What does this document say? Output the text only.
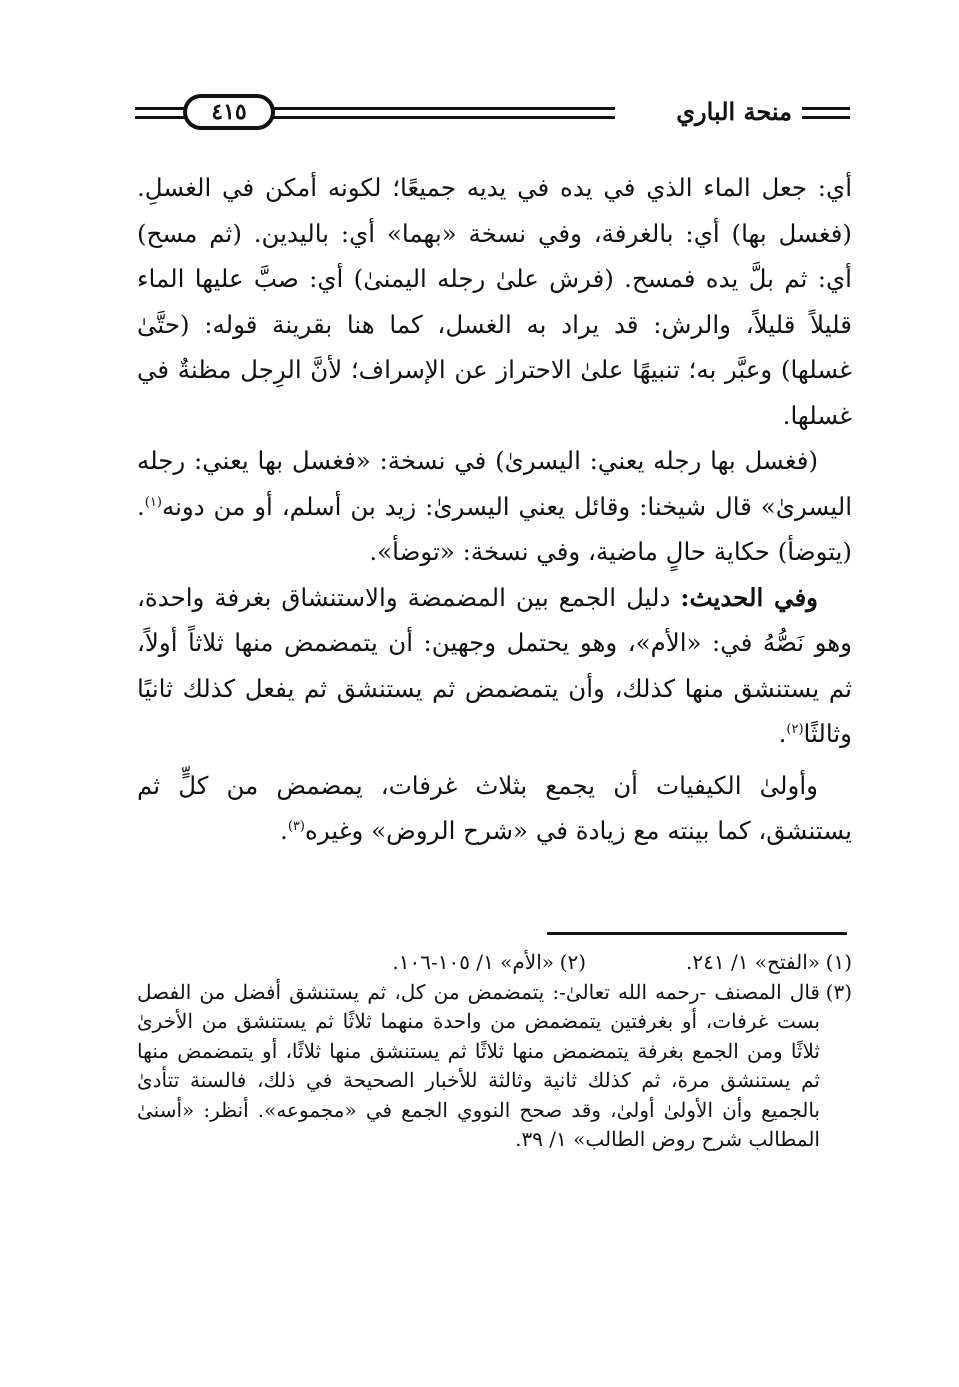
٤١٥	منحة الباري

أي: جعل الماء الذي في يده في يديه جميعًا؛ لكونه أمكن في الغسلِ. (فغسل بها) أي: بالغرفة، وفي نسخة «بهما» أي: باليدين. (ثم مسح) أي: ثم بلَّ يده فمسح. (فرش علىٰ رجله اليمنىٰ) أي: صبَّ عليها الماء قليلاً قليلاً، والرش: قد يراد به الغسل، كما هنا بقرينة قوله: (حتَّىٰ غسلها) وعبَّر به؛ تنبيهًا علىٰ الاحتراز عن الإسراف؛ لأنَّ الرِجل مظنةٌ في غسلها.

(فغسل بها رجله يعني: اليسرىٰ) في نسخة: «فغسل بها يعني: رجله اليسرىٰ» قال شيخنا: وقائل يعني اليسرىٰ: زيد بن أسلم، أو من دونه$^{(١)}$. (يتوضأ) حكاية حالٍ ماضية، وفي نسخة: «توضأ».

وفي الحديث: دليل الجمع بين المضمضة والاستنشاق بغرفة واحدة، وهو نَصُّهُ في: «الأم»، وهو يحتمل وجهين: أن يتمضمض منها ثلاثاً أولاً، ثم يستنشق منها كذلك، وأن يتمضمض ثم يستنشق ثم يفعل كذلك ثانيًا وثالثًا$^{(٢)}$.

وأولىٰ الكيفيات أن يجمع بثلاث غرفات، يمضمض من كلٍّ ثم يستنشق، كما بينته مع زيادة في «شرح الروض» وغيره$^{(٣)}$.

(١)
«الفتح» ١/ ٢٤١.
(٢)
«الأم» ١/ ١٠٥-١٠٦.
(٣)
قال المصنف -رحمه الله تعالىٰ-: يتمضمض من كل، ثم يستنشق أفضل من الفصل بست غرفات، أو بغرفتين يتمضمض من واحدة منهما ثلاثًا ثم يستنشق من الأخرىٰ ثلاثًا ومن الجمع بغرفة يتمضمض منها ثلاثًا ثم يستنشق منها ثلاثًا، أو يتمضمض منها ثم يستنشق مرة، ثم كذلك ثانية وثالثة للأخبار الصحيحة في ذلك، فالسنة تتأدىٰ بالجميع وأن الأولىٰ أولىٰ، وقد صحح النووي الجمع في «مجموعه». أنظر: «أسنىٰ المطالب شرح روض الطالب» ١/ ٣٩.
